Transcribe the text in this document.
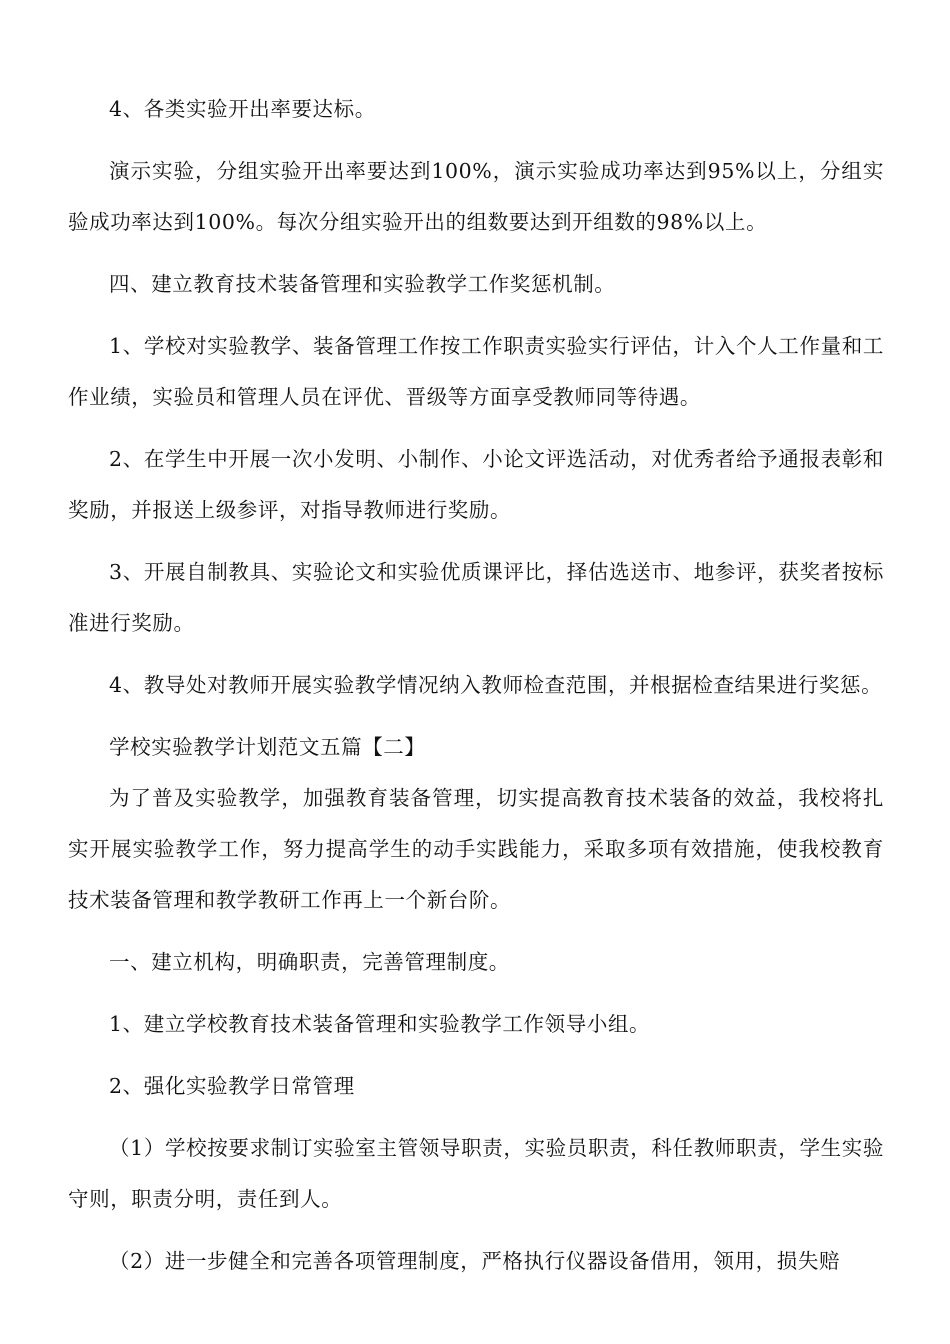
4、各类实验开出率要达标。

演示实验，分组实验开出率要达到100%，演示实验成功率达到95%以上，分组实验成功率达到100%。每次分组实验开出的组数要达到开组数的98%以上。

四、建立教育技术装备管理和实验教学工作奖惩机制。

1、学校对实验教学、装备管理工作按工作职责实验实行评估，计入个人工作量和工作业绩，实验员和管理人员在评优、晋级等方面享受教师同等待遇。

2、在学生中开展一次小发明、小制作、小论文评选活动，对优秀者给予通报表彰和奖励，并报送上级参评，对指导教师进行奖励。

3、开展自制教具、实验论文和实验优质课评比，择估选送市、地参评，获奖者按标准进行奖励。

4、教导处对教师开展实验教学情况纳入教师检查范围，并根据检查结果进行奖惩。

学校实验教学计划范文五篇【二】

为了普及实验教学，加强教育装备管理，切实提高教育技术装备的效益，我校将扎实开展实验教学工作，努力提高学生的动手实践能力，采取多项有效措施，使我校教育技术装备管理和教学教研工作再上一个新台阶。

一、建立机构，明确职责，完善管理制度。

1、建立学校教育技术装备管理和实验教学工作领导小组。

2、强化实验教学日常管理

（1）学校按要求制订实验室主管领导职责，实验员职责，科任教师职责，学生实验守则，职责分明，责任到人。

（2）进一步健全和完善各项管理制度，严格执行仪器设备借用，领用，损失赔
